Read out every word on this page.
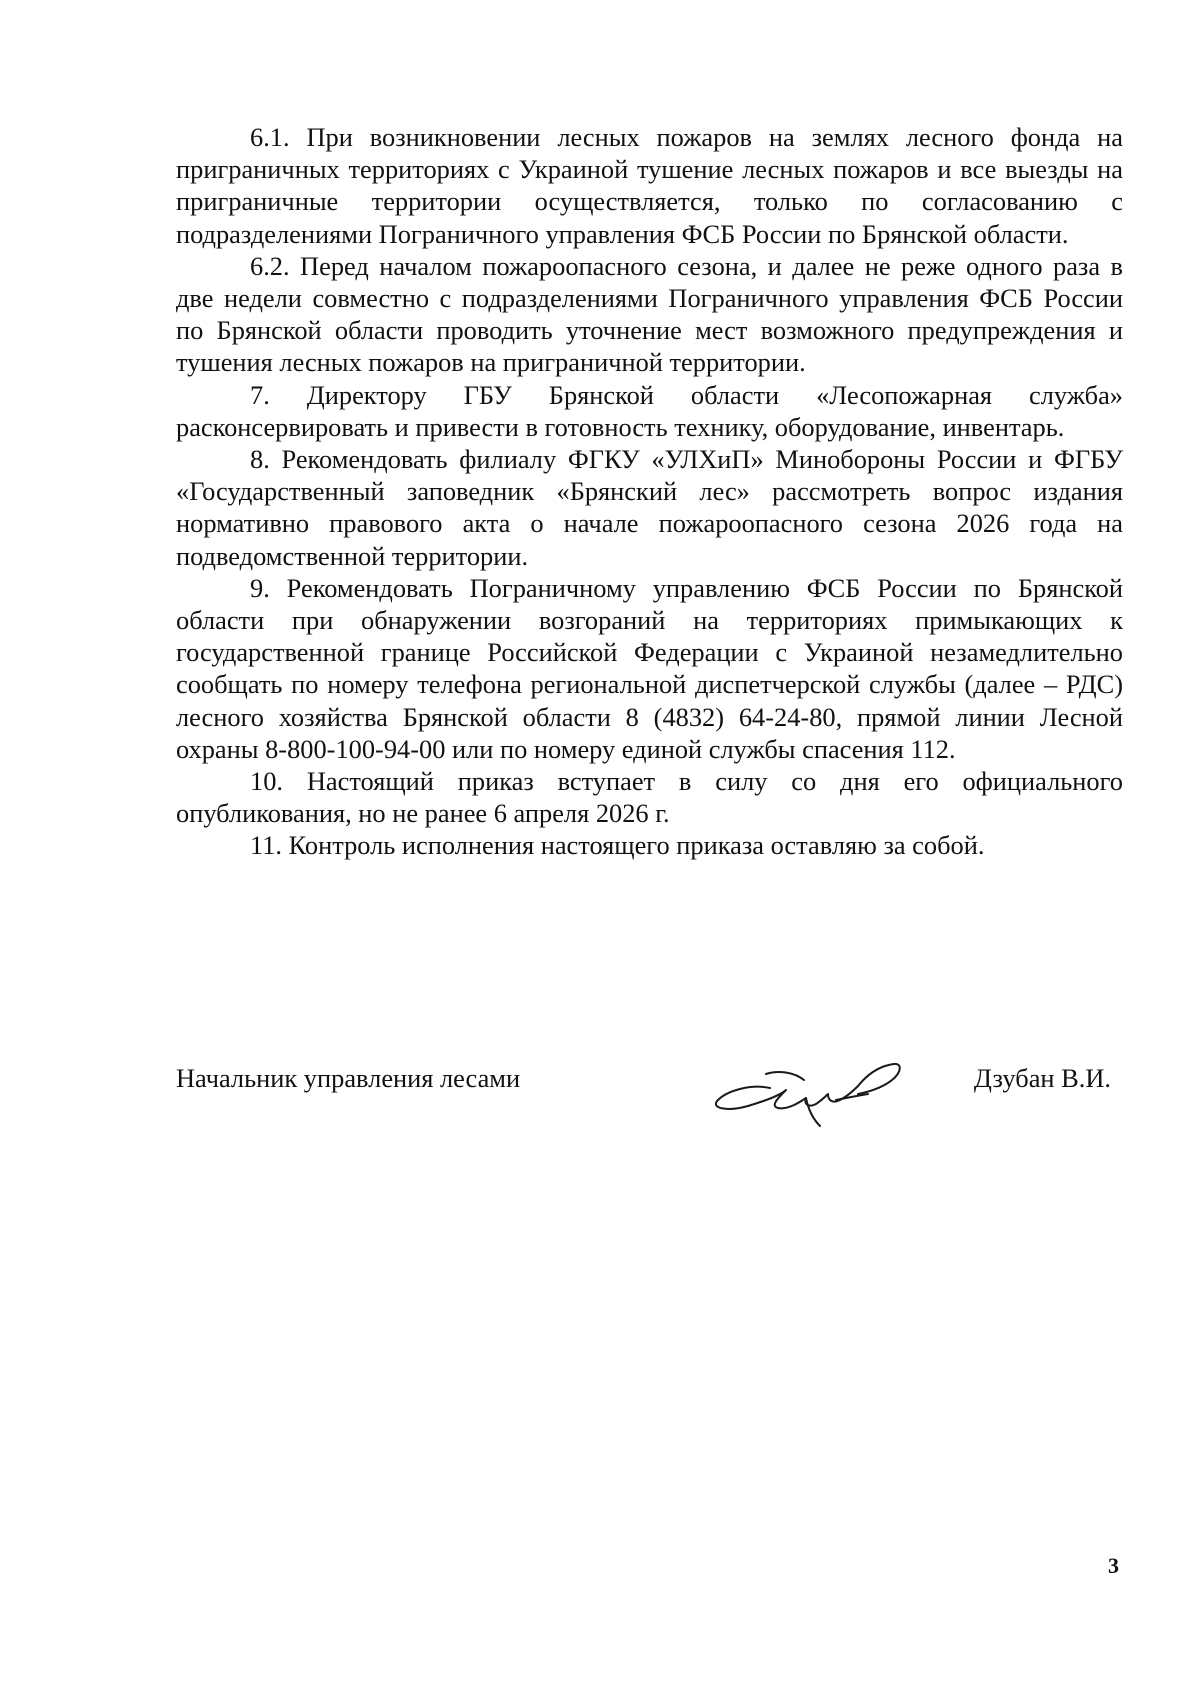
6.1. При возникновении лесных пожаров на землях лесного фонда на приграничных территориях с Украиной тушение лесных пожаров и все выезды на приграничные территории осуществляется, только по согласованию с подразделениями Пограничного управления ФСБ России по Брянской области.

6.2. Перед началом пожароопасного сезона, и далее не реже одного раза в две недели совместно с подразделениями Пограничного управления ФСБ России по Брянской области проводить уточнение мест возможного предупреждения и тушения лесных пожаров на приграничной территории.

7. Директору ГБУ Брянской области «Лесопожарная служба» расконсервировать и привести в готовность технику, оборудование, инвентарь.

8. Рекомендовать филиалу ФГКУ «УЛХиП» Минобороны России и ФГБУ «Государственный заповедник «Брянский лес» рассмотреть вопрос издания нормативно правового акта о начале пожароопасного сезона 2026 года на подведомственной территории.

9. Рекомендовать Пограничному управлению ФСБ России по Брянской области при обнаружении возгораний на территориях примыкающих к государственной границе Российской Федерации с Украиной незамедлительно сообщать по номеру телефона региональной диспетчерской службы (далее – РДС) лесного хозяйства Брянской области 8 (4832) 64-24-80, прямой линии Лесной охраны 8-800-100-94-00 или по номеру единой службы спасения 112.

10. Настоящий приказ вступает в силу со дня его официального опубликования, но не ранее 6 апреля 2026 г.

11. Контроль исполнения настоящего приказа оставляю за собой.

Начальник управления лесами	Дзубан В.И.
3
